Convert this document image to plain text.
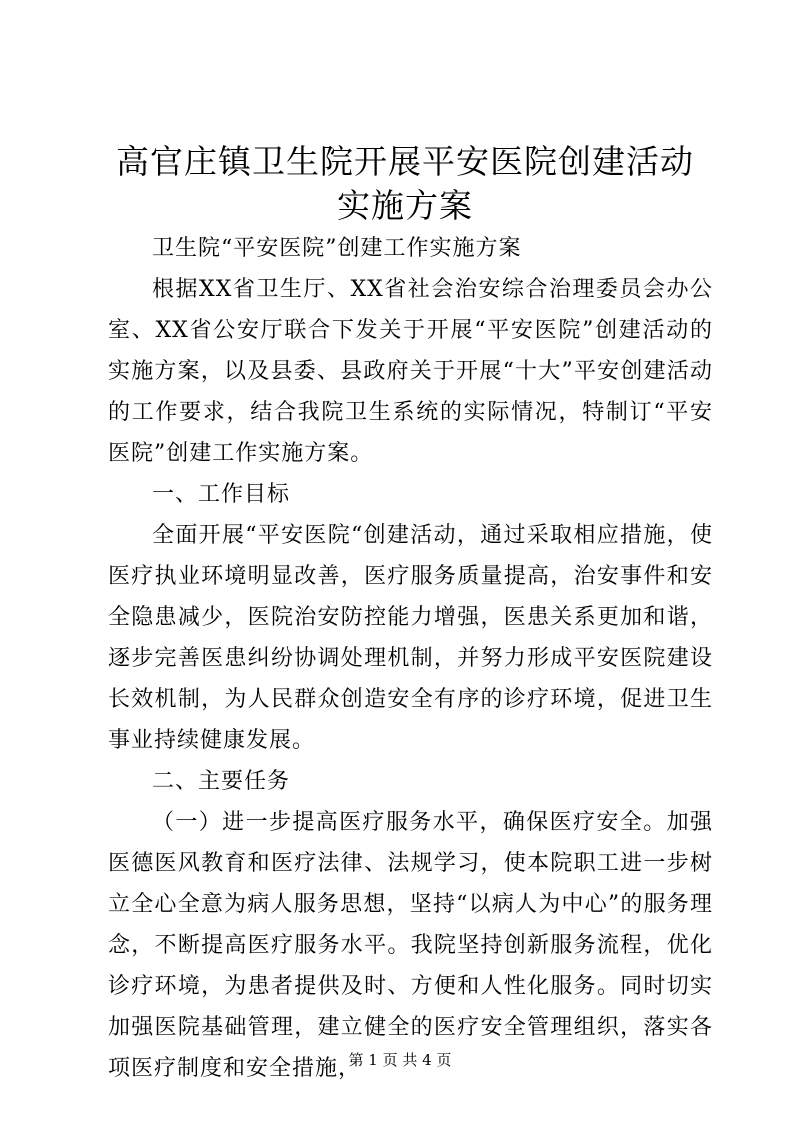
高官庄镇卫生院开展平安医院创建活动实施方案

卫生院“平安医院”创建工作实施方案

根据XX省卫生厅、XX省社会治安综合治理委员会办公室、XX省公安厅联合下发关于开展“平安医院”创建活动的实施方案，以及县委、县政府关于开展“十大”平安创建活动的工作要求，结合我院卫生系统的实际情况，特制订“平安医院”创建工作实施方案。

一、工作目标

全面开展“平安医院“创建活动，通过采取相应措施，使医疗执业环境明显改善，医疗服务质量提高，治安事件和安全隐患减少，医院治安防控能力增强，医患关系更加和谐，逐步完善医患纠纷协调处理机制，并努力形成平安医院建设长效机制，为人民群众创造安全有序的诊疗环境，促进卫生事业持续健康发展。

二、主要任务

（一）进一步提高医疗服务水平，确保医疗安全。加强医德医风教育和医疗法律、法规学习，使本院职工进一步树立全心全意为病人服务思想，坚持“以病人为中心”的服务理念，不断提高医疗服务水平。我院坚持创新服务流程，优化诊疗环境，为患者提供及时、方便和人性化服务。同时切实加强医院基础管理，建立健全的医疗安全管理组织，落实各项医疗制度和安全措施，

第 1 页 共 4 页
